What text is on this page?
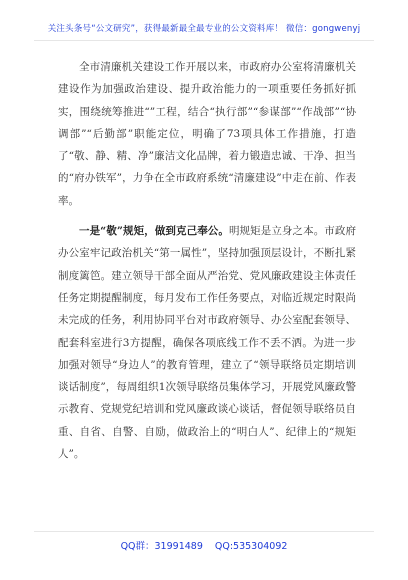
关注头条号“公文研究”，获得最新最全最专业的公文资料库！ 微信：gongwenyj

全市清廉机关建设工作开展以来，市政府办公室将清廉机关建设作为加强政治建设、提升政治能力的一项重要任务抓好抓实，围绕统筹推进“”工程，结合“执行部”“参谋部”“作战部”“协调部”“后勤部”职能定位，明确了73项具体工作措施，打造了“敬、静、精、净”廉洁文化品牌，着力锻造忠诚、干净、担当的“府办铁军”，力争在全市政府系统“清廉建设”中走在前、作表率。

一是“敬”规矩，做到克己奉公。明规矩是立身之本。市政府办公室牢记政治机关“第一属性”，坚持加强顶层设计，不断扎紧制度篱笆。建立领导干部全面从严治党、党风廉政建设主体责任任务定期提醒制度，每月发布工作任务要点，对临近规定时限尚未完成的任务，利用协同平台对市政府领导、办公室配套领导、配套科室进行3方提醒，确保各项底线工作不丢不洒。为进一步加强对领导“身边人”的教育管理，建立了“领导联络员定期培训谈话制度”，每周组织1次领导联络员集体学习，开展党风廉政警示教育、党规党纪培训和党风廉政谈心谈话，督促领导联络员自重、自省、自警、自励，做政治上的“明白人”、纪律上的“规矩人”。

QQ群：31991489 QQ:535304092
